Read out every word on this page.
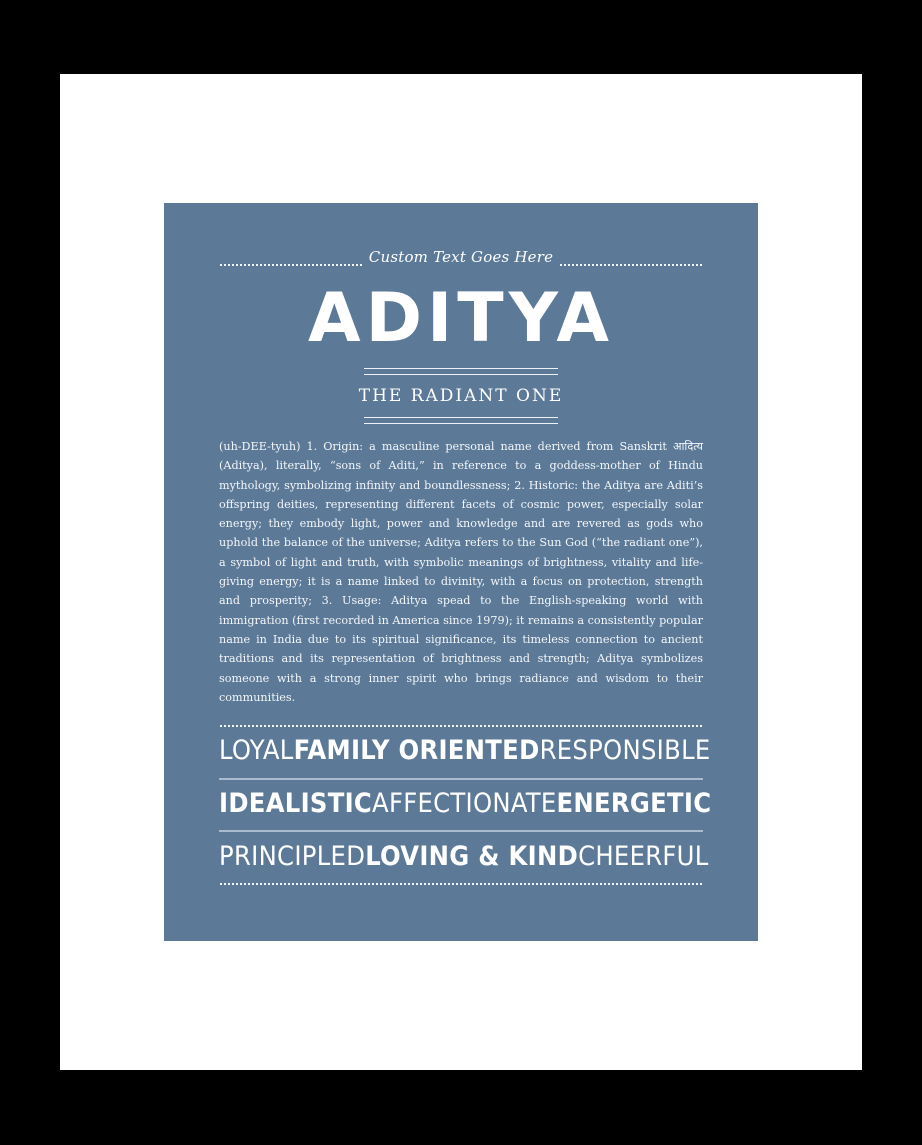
Custom Text Goes Here
ADITYA
THE RADIANT ONE
(uh-DEE-tyuh) 1. Origin: a masculine personal name derived from Sanskrit आदित्य (Aditya), literally, “sons of Aditi,” in reference to a goddess-mother of Hindu mythology, symbolizing infinity and boundlessness; 2. Historic: the Aditya are Aditi’s offspring deities, representing different facets of cosmic power, especially solar energy; they embody light, power and knowledge and are revered as gods who uphold the balance of the universe; Aditya refers to the Sun God (“the radiant one”), a symbol of light and truth, with symbolic meanings of brightness, vitality and life-giving energy; it is a name linked to divinity, with a focus on protection, strength and prosperity; 3. Usage: Aditya spead to the English-speaking world with immigration (first recorded in America since 1979); it remains a consistently popular name in India due to its spiritual significance, its timeless connection to ancient traditions and its representation of brightness and strength; Aditya symbolizes someone with a strong inner spirit who brings radiance and wisdom to their communities.
LOYAL FAMILY ORIENTED RESPONSIBLE
IDEALISTIC AFFECTIONATE ENERGETIC
PRINCIPLED LOVING & KIND CHEERFUL
